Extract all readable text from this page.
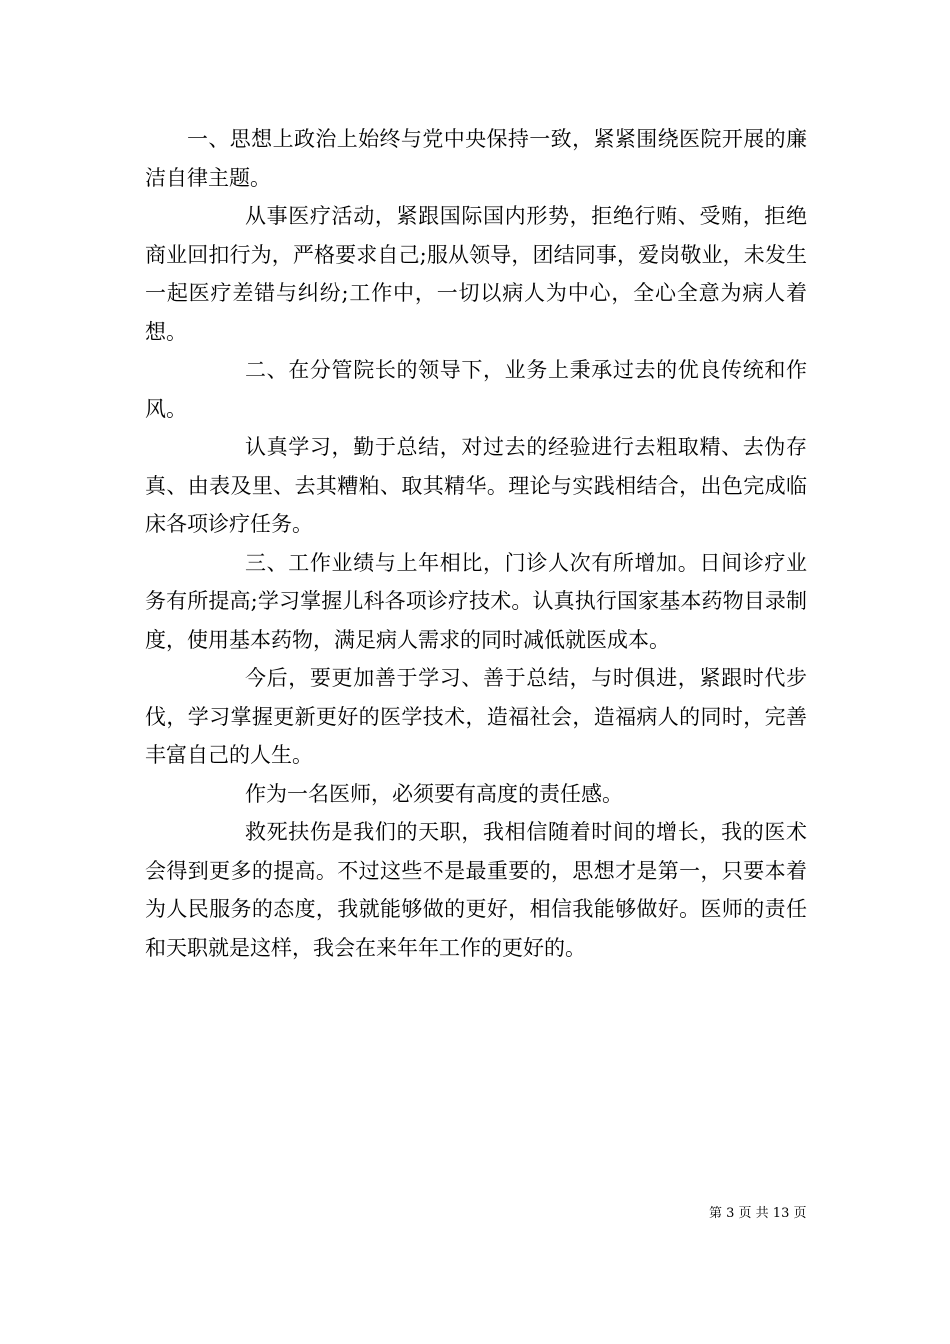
一、思想上政治上始终与党中央保持一致，紧紧围绕医院开展的廉洁自律主题。

从事医疗活动，紧跟国际国内形势，拒绝行贿、受贿，拒绝商业回扣行为，严格要求自己;服从领导，团结同事，爱岗敬业，未发生一起医疗差错与纠纷;工作中，一切以病人为中心，全心全意为病人着想。

二、在分管院长的领导下，业务上秉承过去的优良传统和作风。

认真学习，勤于总结，对过去的经验进行去粗取精、去伪存真、由表及里、去其糟粕、取其精华。理论与实践相结合，出色完成临床各项诊疗任务。

三、工作业绩与上年相比，门诊人次有所增加。日间诊疗业务有所提高;学习掌握儿科各项诊疗技术。认真执行国家基本药物目录制度，使用基本药物，满足病人需求的同时减低就医成本。

今后，要更加善于学习、善于总结，与时俱进，紧跟时代步伐，学习掌握更新更好的医学技术，造福社会，造福病人的同时，完善丰富自己的人生。

作为一名医师，必须要有高度的责任感。

救死扶伤是我们的天职，我相信随着时间的增长，我的医术会得到更多的提高。不过这些不是最重要的，思想才是第一，只要本着为人民服务的态度，我就能够做的更好，相信我能够做好。医师的责任和天职就是这样，我会在来年年工作的更好的。

第 3 页 共 13 页
